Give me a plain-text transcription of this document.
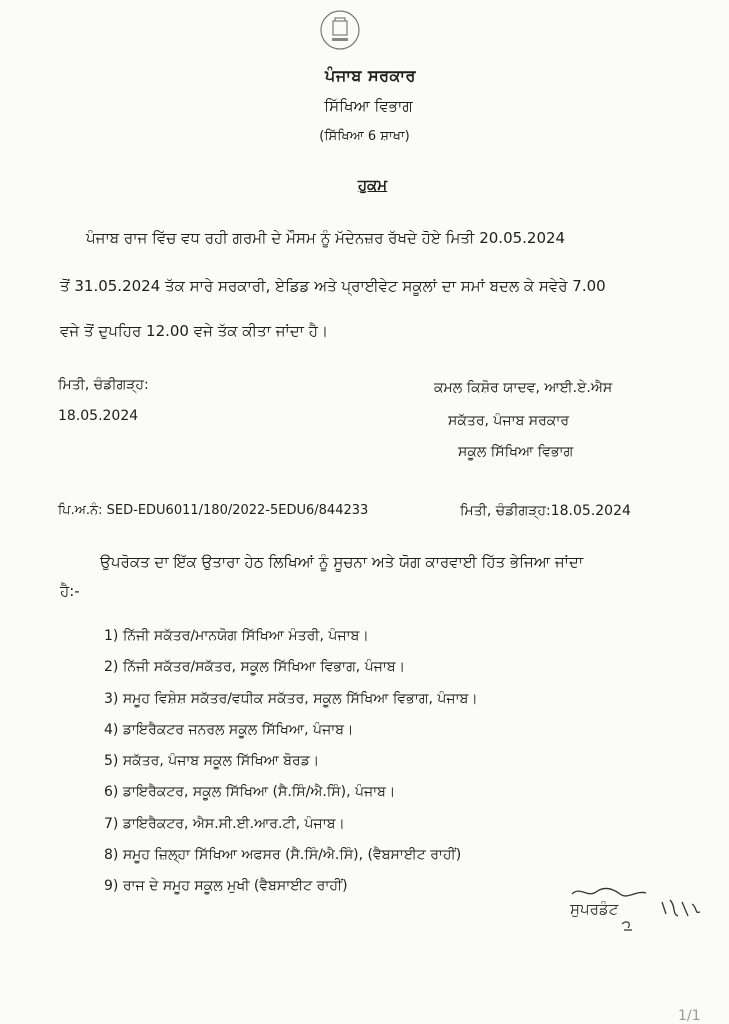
ਪੰਜਾਬ ਸਰਕਾਰ
ਸਿੱਖਿਆ ਵਿਭਾਗ
(ਸਿੱਖਿਆ 6 ਸ਼ਾਖਾ)
ਹੁਕਮ
ਪੰਜਾਬ ਰਾਜ ਵਿੱਚ ਵਧ ਰਹੀ ਗਰਮੀ ਦੇ ਮੌਸਮ ਨੂੰ ਮੱਦੇਨਜ਼ਰ ਰੱਖਦੇ ਹੋਏ ਮਿਤੀ 20.05.2024
ਤੋਂ 31.05.2024 ਤੱਕ ਸਾਰੇ ਸਰਕਾਰੀ, ਏਡਿਡ ਅਤੇ ਪ੍ਰਾਈਵੇਟ ਸਕੂਲਾਂ ਦਾ ਸਮਾਂ ਬਦਲ ਕੇ ਸਵੇਰੇ 7.00
ਵਜੇ ਤੋਂ ਦੁਪਹਿਰ 12.00 ਵਜੇ ਤੱਕ ਕੀਤਾ ਜਾਂਦਾ ਹੈ।
ਮਿਤੀ, ਚੰਡੀਗੜ੍ਹ:
18.05.2024
ਕਮਲ ਕਿਸ਼ੋਰ ਯਾਦਵ, ਆਈ.ਏ.ਐਸ
ਸਕੱਤਰ, ਪੰਜਾਬ ਸਰਕਾਰ
ਸਕੂਲ ਸਿੱਖਿਆ ਵਿਭਾਗ
ਪਿ.ਅ.ਨੰ: SED-EDU6011/180/2022-5EDU6/844233	ਮਿਤੀ, ਚੰਡੀਗੜ੍ਹ:18.05.2024
ਉਪਰੋਕਤ ਦਾ ਇੱਕ ਉਤਾਰਾ ਹੇਠ ਲਿਖਿਆਂ ਨੂੰ ਸੂਚਨਾ ਅਤੇ ਯੋਗ ਕਾਰਵਾਈ ਹਿੱਤ ਭੇਜਿਆ ਜਾਂਦਾ
ਹੈ:-
1) ਨਿੱਜੀ ਸਕੱਤਰ/ਮਾਨਯੋਗ ਸਿੱਖਿਆ ਮੰਤਰੀ, ਪੰਜਾਬ।
2) ਨਿੱਜੀ ਸਕੱਤਰ/ਸਕੱਤਰ, ਸਕੂਲ ਸਿੱਖਿਆ ਵਿਭਾਗ, ਪੰਜਾਬ।
3) ਸਮੂਹ ਵਿਸ਼ੇਸ਼ ਸਕੱਤਰ/ਵਧੀਕ ਸਕੱਤਰ, ਸਕੂਲ ਸਿੱਖਿਆ ਵਿਭਾਗ, ਪੰਜਾਬ।
4) ਡਾਇਰੈਕਟਰ ਜਨਰਲ ਸਕੂਲ ਸਿੱਖਿਆ, ਪੰਜਾਬ।
5) ਸਕੱਤਰ, ਪੰਜਾਬ ਸਕੂਲ ਸਿੱਖਿਆ ਬੋਰਡ।
6) ਡਾਇਰੈਕਟਰ, ਸਕੂਲ ਸਿੱਖਿਆ (ਸੈ.ਸਿੰ/ਐ.ਸਿੰ), ਪੰਜਾਬ।
7) ਡਾਇਰੈਕਟਰ, ਐਸ.ਸੀ.ਈ.ਆਰ.ਟੀ, ਪੰਜਾਬ।
8) ਸਮੂਹ ਜ਼ਿਲ੍ਹਾ ਸਿੱਖਿਆ ਅਫਸਰ (ਸੈ.ਸਿੰ/ਐ.ਸਿੰ), (ਵੈਬਸਾਈਟ ਰਾਹੀਂ)
9) ਰਾਜ ਦੇ ਸਮੂਹ ਸਕੂਲ ਮੁਖੀ (ਵੈਬਸਾਈਟ ਰਾਹੀਂ)
ਸੁਪਰਡੰਟ
1/1
